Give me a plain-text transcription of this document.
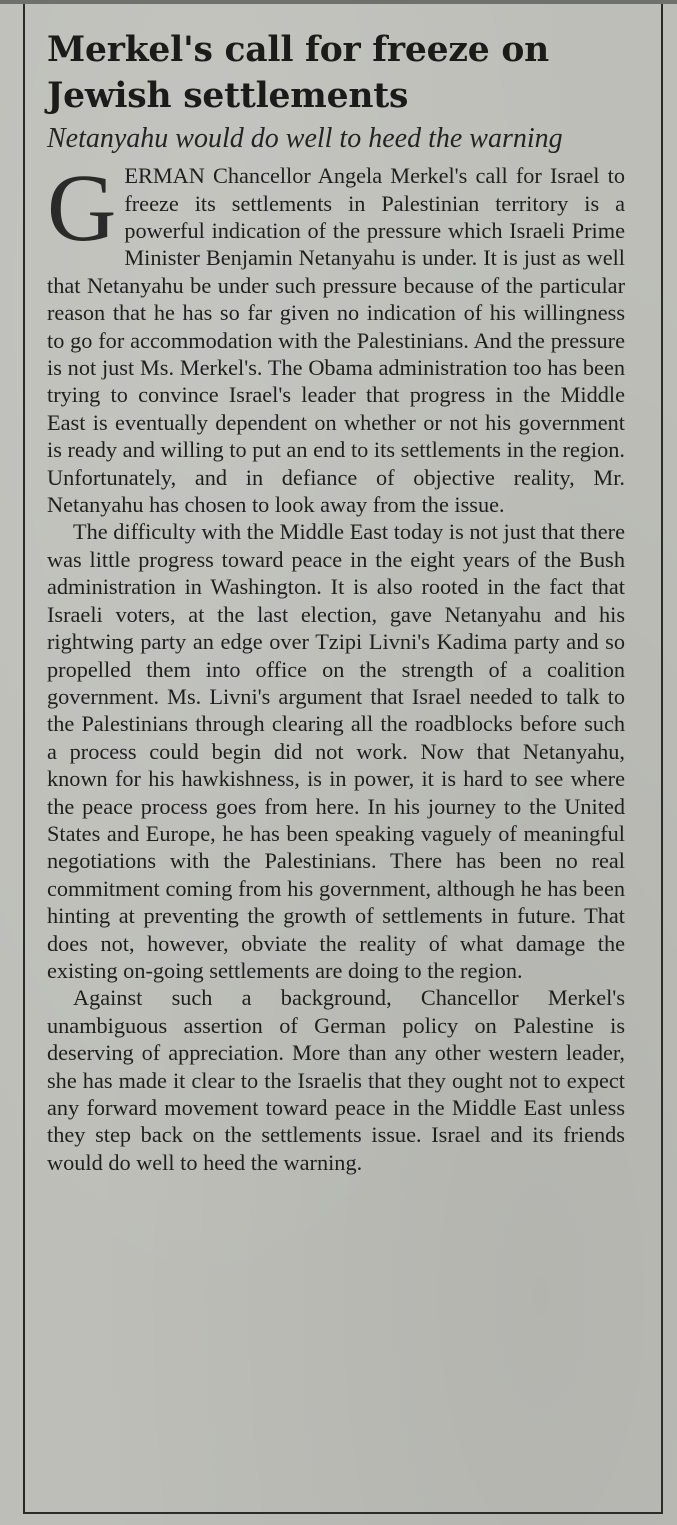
Merkel's call for freeze on Jewish settlements
Netanyahu would do well to heed the warning

GERMAN Chancellor Angela Merkel's call for Israel to freeze its settlements in Palestinian territory is a powerful indication of the pressure which Israeli Prime Minister Benjamin Netanyahu is under. It is just as well that Netanyahu be under such pressure because of the particular reason that he has so far given no indication of his willingness to go for accommodation with the Palestinians. And the pressure is not just Ms. Merkel's. The Obama administration too has been trying to convince Israel's leader that progress in the Middle East is eventually dependent on whether or not his government is ready and willing to put an end to its settlements in the region. Unfortunately, and in defiance of objective reality, Mr. Netanyahu has chosen to look away from the issue.

The difficulty with the Middle East today is not just that there was little progress toward peace in the eight years of the Bush administration in Washington. It is also rooted in the fact that Israeli voters, at the last election, gave Netanyahu and his rightwing party an edge over Tzipi Livni's Kadima party and so propelled them into office on the strength of a coalition government. Ms. Livni's argument that Israel needed to talk to the Palestinians through clearing all the roadblocks before such a process could begin did not work. Now that Netanyahu, known for his hawkishness, is in power, it is hard to see where the peace process goes from here. In his journey to the United States and Europe, he has been speaking vaguely of meaningful negotiations with the Palestinians. There has been no real commitment coming from his government, although he has been hinting at preventing the growth of settlements in future. That does not, however, obviate the reality of what damage the existing on-going settlements are doing to the region.

Against such a background, Chancellor Merkel's unambiguous assertion of German policy on Palestine is deserving of appreciation. More than any other western leader, she has made it clear to the Israelis that they ought not to expect any forward movement toward peace in the Middle East unless they step back on the settlements issue. Israel and its friends would do well to heed the warning.
